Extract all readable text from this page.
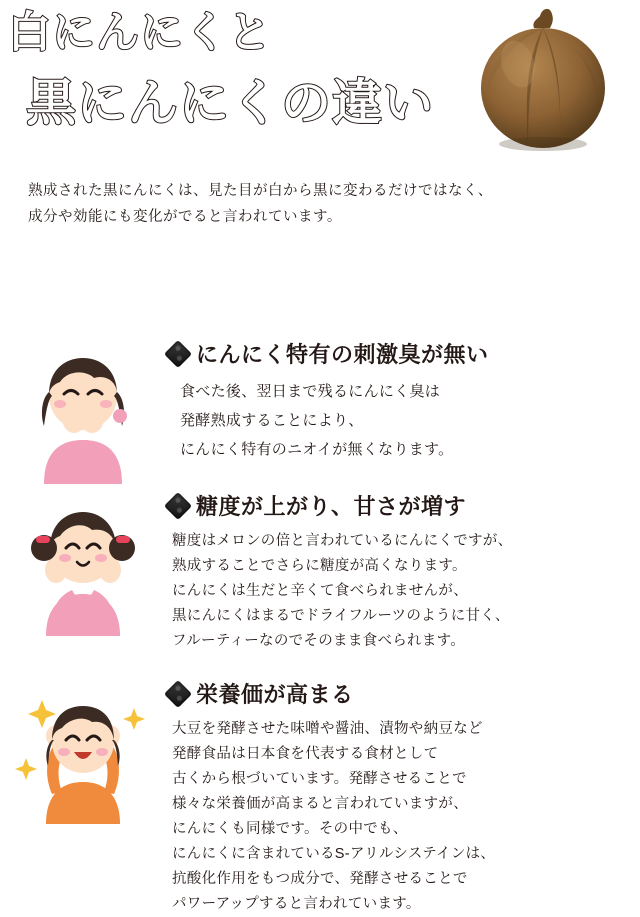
白にんにくと
黒にんにくの違い
熟成された黒にんにくは、見た目が白から黒に変わるだけではなく、
成分や効能にも変化がでると言われています。
にんにく特有の刺激臭が無い
食べた後、翌日まで残るにんにく臭は
発酵熟成することにより、
にんにく特有のニオイが無くなります。
糖度が上がり、甘さが増す
糖度はメロンの倍と言われているにんにくですが、
熟成することでさらに糖度が高くなります。
にんにくは生だと辛くて食べられませんが、
黒にんにくはまるでドライフルーツのように甘く、
フルーティーなのでそのまま食べられます。
栄養価が高まる
大豆を発酵させた味噌や醤油、漬物や納豆など
発酵食品は日本食を代表する食材として
古くから根づいています。発酵させることで
様々な栄養価が高まると言われていますが、
にんにくも同様です。その中でも、
にんにくに含まれているS-アリルシステインは、
抗酸化作用をもつ成分で、発酵させることで
パワーアップすると言われています。
